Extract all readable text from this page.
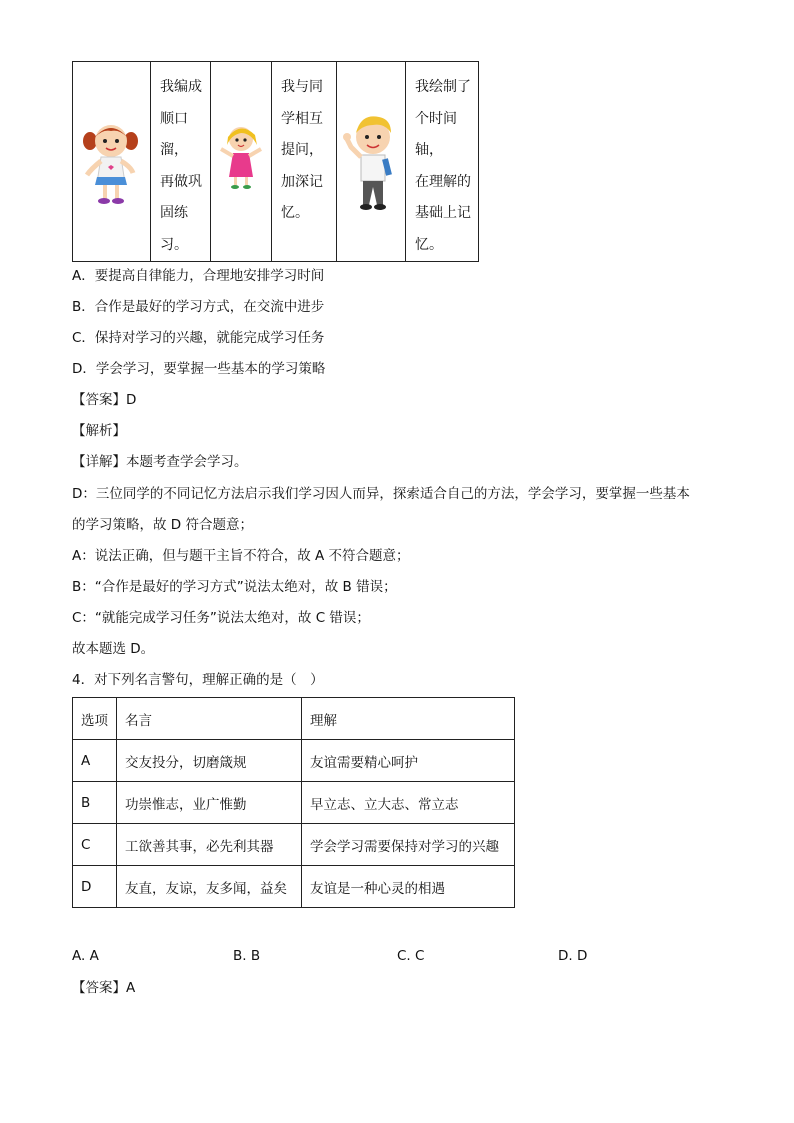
我编成
顺口溜，
再做巩
固练习。

我与同
学相互
提问，
加深记
忆。

我绘制了
个时间轴，
在理解的
基础上记
忆。
A．要提高自律能力，合理地安排学习时间
B．合作是最好的学习方式，在交流中进步
C．保持对学习的兴趣，就能完成学习任务
D．学会学习，要掌握一些基本的学习策略
【答案】D
【解析】
【详解】本题考查学会学习。
D：三位同学的不同记忆方法启示我们学习因人而异，探索适合自己的方法，学会学习，要掌握一些基本
的学习策略，故 D 符合题意；
A：说法正确，但与题干主旨不符合，故 A 不符合题意；
B：“合作是最好的学习方式”说法太绝对，故 B 错误；
C：“就能完成学习任务”说法太绝对，故 C 错误；
故本题选 D。
4．对下列名言警句，理解正确的是（　）
选项	名言	理解
A	交友投分，切磨箴规	友谊需要精心呵护
B	功崇惟志，业广惟勤	早立志、立大志、常立志
C	工欲善其事，必先利其器	学会学习需要保持对学习的兴趣
D	友直，友谅，友多闻，益矣	友谊是一种心灵的相遇
A. A	B. B	C. C	D. D
【答案】A
